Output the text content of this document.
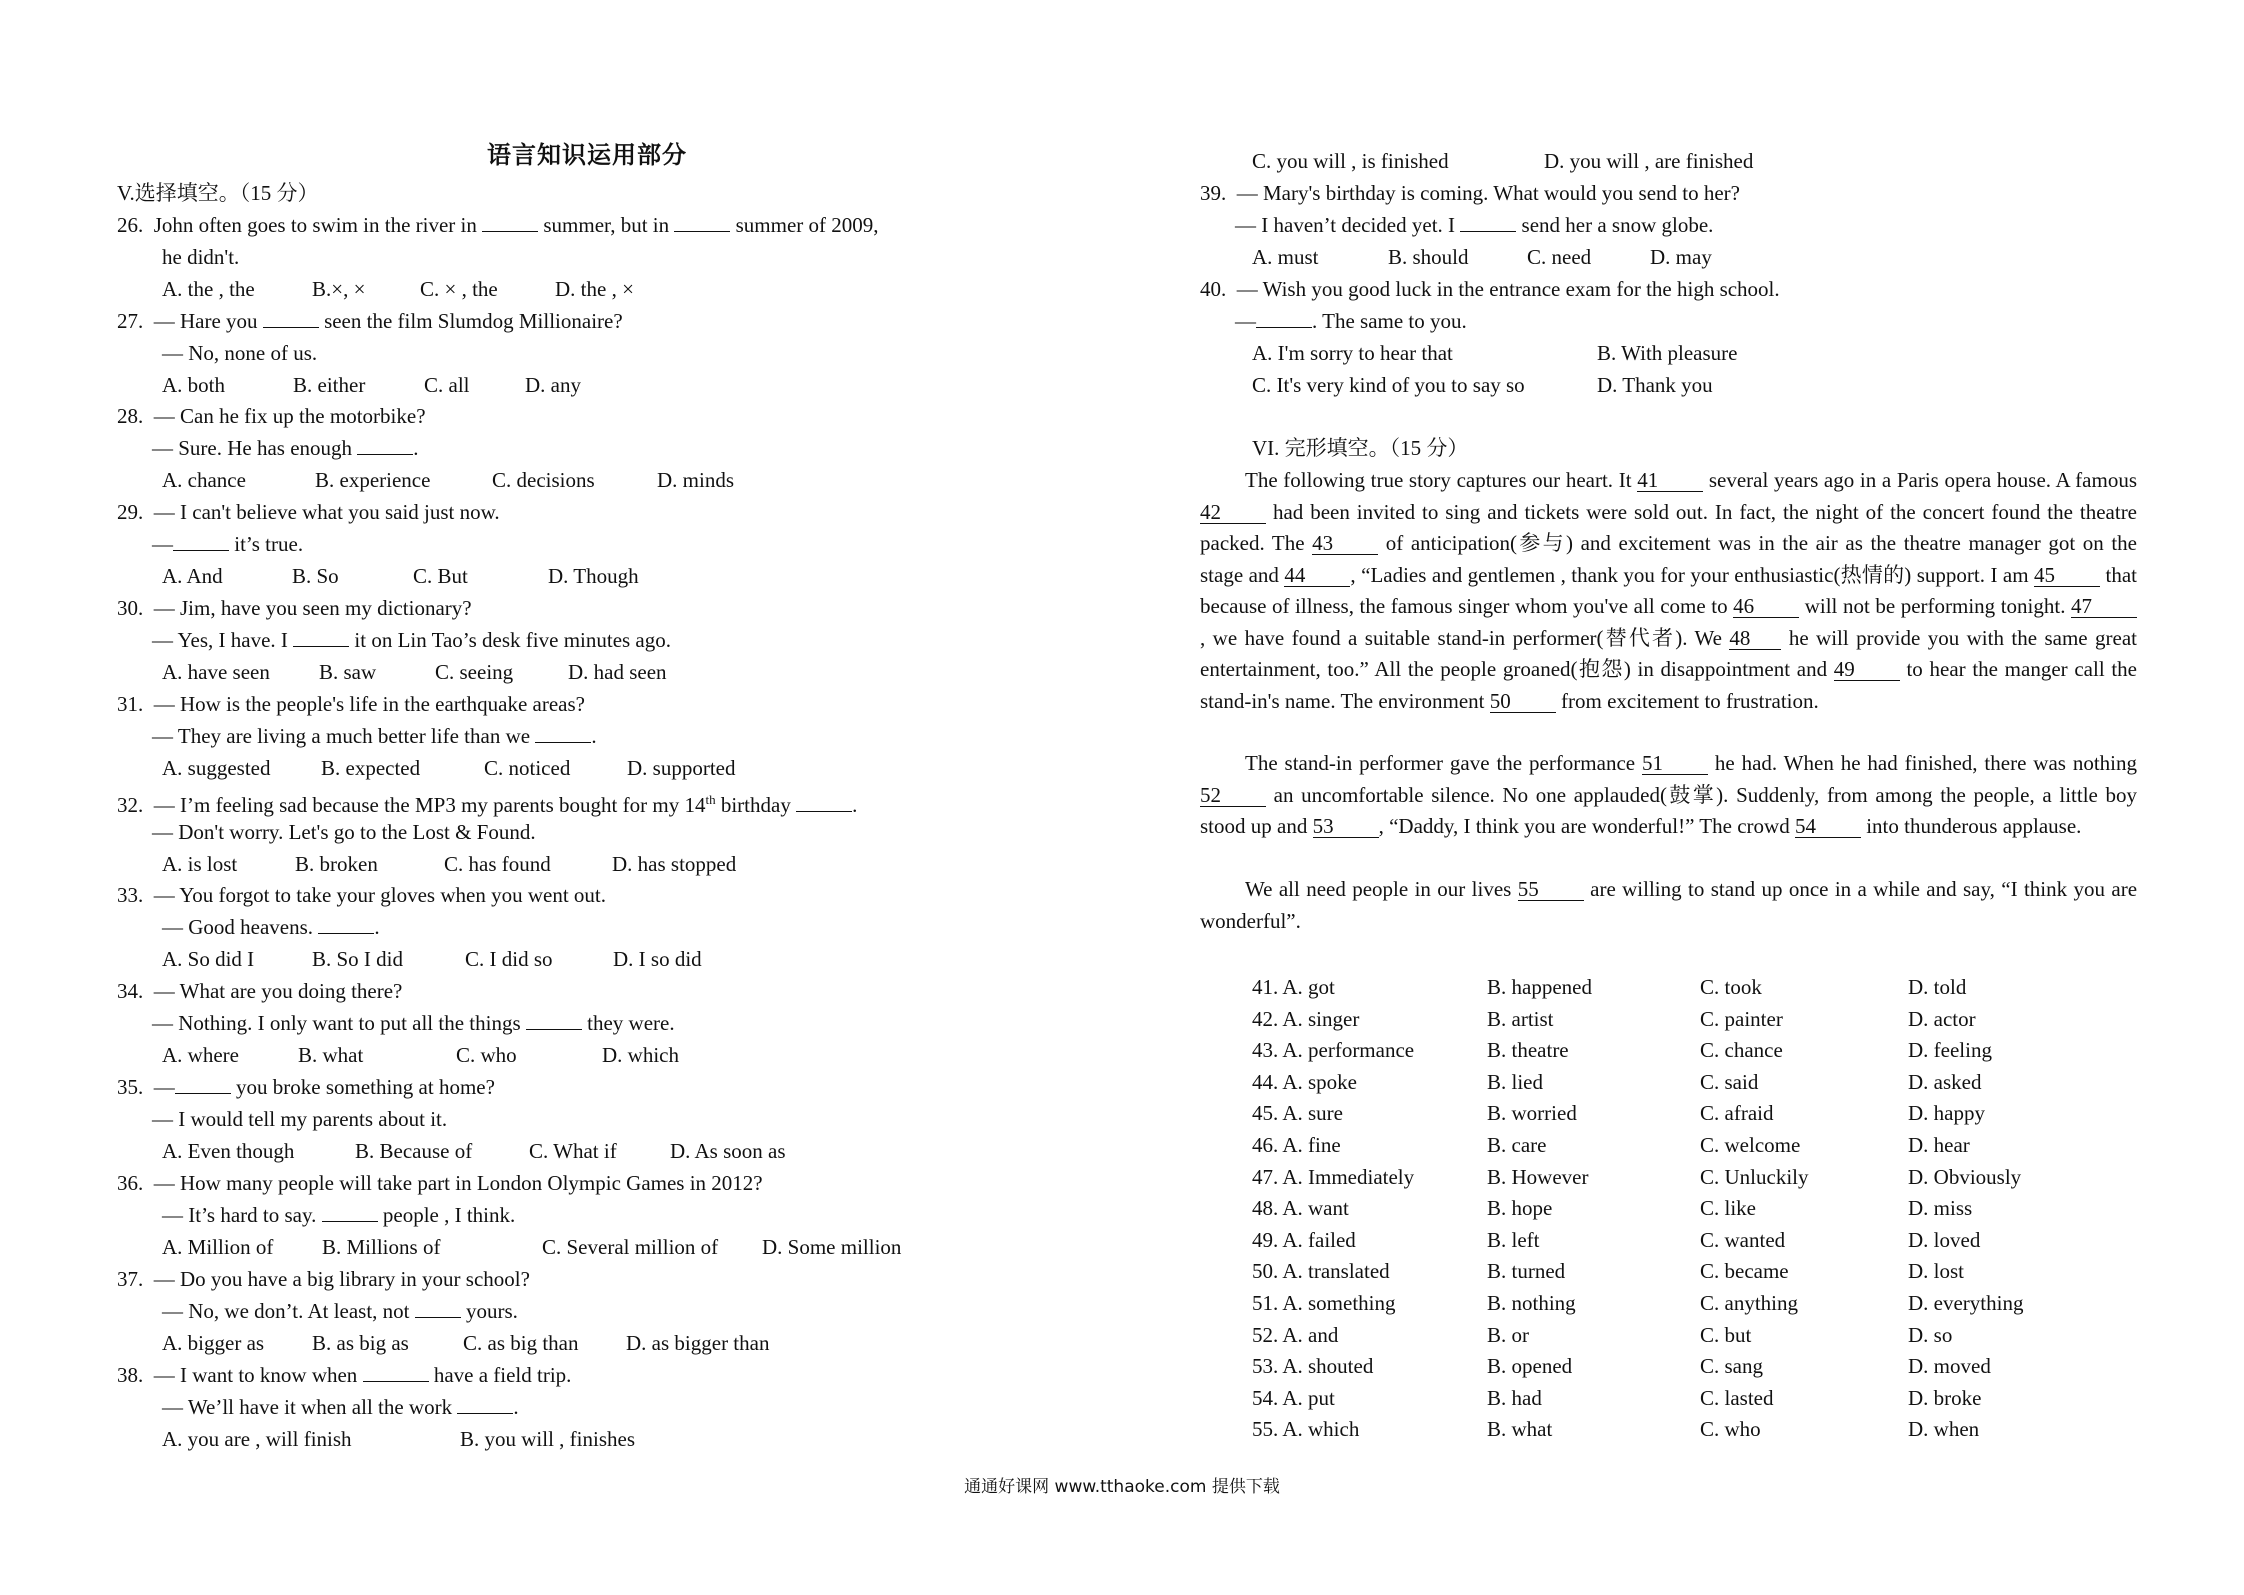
语言知识运用部分
V.选择填空。（15 分）
26.  John often goes to swim in the river in	summer, but in	summer of 2009,
he didn't.
A. the , the	B.×, ×	C. × , the	D. the , ×
27.  — Hare you	seen the film Slumdog Millionaire?
— No, none of us.
A. both	B. either	C. all	D. any
28. — Can he fix up the motorbike?
— Sure. He has enough	.
A. chance	B. experience	C. decisions	D. minds
29. — I can't believe what you said just now.
—	it’s true.
A. And	B. So	C. But	D. Though
30. — Jim, have you seen my dictionary?
— Yes, I have. I	it on Lin Tao’s desk five minutes ago.
A. have seen B. saw	C. seeing	D. had seen
31. — How is the people's life in the earthquake areas?
— They are living a much better life than we	.
A. suggested B. expected	C. noticed	D. supported
32.  — I’m feeling sad because the MP3 my parents bought for my 14th birthday	.
— Don't worry. Let's go to the Lost & Found.
A. is lost	B. broken	C. has found	D. has stopped
33. — You forgot to take your gloves when you went out.
— Good heavens.	.
A. So did I	B. So I did	C. I did so	D. I so did
34. — What are you doing there?
— Nothing. I only want to put all the things	they were.
A. where	B. what	C. who	D. which
35.  —	you broke something at home?
— I would tell my parents about it.
A. Even though	B. Because of	C. What if	D. As soon as
36. — How many people will take part in London Olympic Games in 2012?
— It’s hard to say.	people , I think.
A. Million of B. Millions of	C. Several million of D. Some million
37. — Do you have a big library in your school?
— No, we don’t. At least, not  yours.
A. bigger as B. as big as	C. as big than D. as bigger than
38.  — I want to know when	have a field trip.
— We’ll have it when all the work	.
A. you are , will finish	B. you will , finishes
C. you will , is finished	D. you will , are finished
39. — Mary's birthday is coming. What would you send to her?
— I haven’t decided yet. I	send her a snow globe.
A. must	B. should	C. need	D. may
40. — Wish you good luck in the entrance exam for the high school.
—	. The same to you.
A. I'm sorry to hear that	B. With pleasure
C. It's very kind of you to say so	D. Thank you
VI. 完形填空。（15 分）
The following true story captures our heart. It 41 several years ago in a Paris opera house. A famous 42 had been invited to sing and tickets were sold out. In fact, the night of the concert found the theatre packed. The 43	of anticipation(参与) and excitement was in the air as the theatre manager got on the stage and 44 , “Ladies and gentlemen , thank you for your enthusiastic(热情的) support. I am 45 that because of illness, the famous singer whom you've all come to 46 will not be performing tonight. 47, we have found a suitable stand-in performer(替代者). We 48 he will provide you with the same great entertainment, too.” All the people groaned(抱怨) in disappointment and 49 to hear the manger call the stand-in's name. The environment 50 from excitement to frustration.
The stand-in performer gave the performance 51 he had. When he had finished, there was nothing 52	an uncomfortable silence. No one applauded(鼓掌). Suddenly, from among the people, a little boy stood up and 53 , “Daddy, I think you are wonderful!” The crowd 54 into thunderous applause.
We all need people in our lives 55 are willing to stand up once in a while and say, “I think you are wonderful”.
41. A. got	B. happened	C. took	D. told
42. A. singer	B. artist	C. painter	D. actor
43. A. performance	B. theatre	C. chance	D. feeling
44. A. spoke	B. lied	C. said	D. asked
45. A. sure	B. worried	C. afraid	D. happy
46. A. fine	B. care	C. welcome	D. hear
47. A. Immediately	B. However	C. Unluckily	D. Obviously
48. A. want	B. hope	C. like	D. miss
49. A. failed	B. left	C. wanted	D. loved
50. A. translated	B. turned	C. became	D. lost
51. A. something	B. nothing	C. anything	D. everything
52. A. and	B. or	C. but	D. so
53. A. shouted	B. opened	C. sang	D. moved
54. A. put	B. had	C. lasted	D. broke
55. A. which	B. what	C. who	D. when
通通好课网 www.tthaoke.com 提供下载
